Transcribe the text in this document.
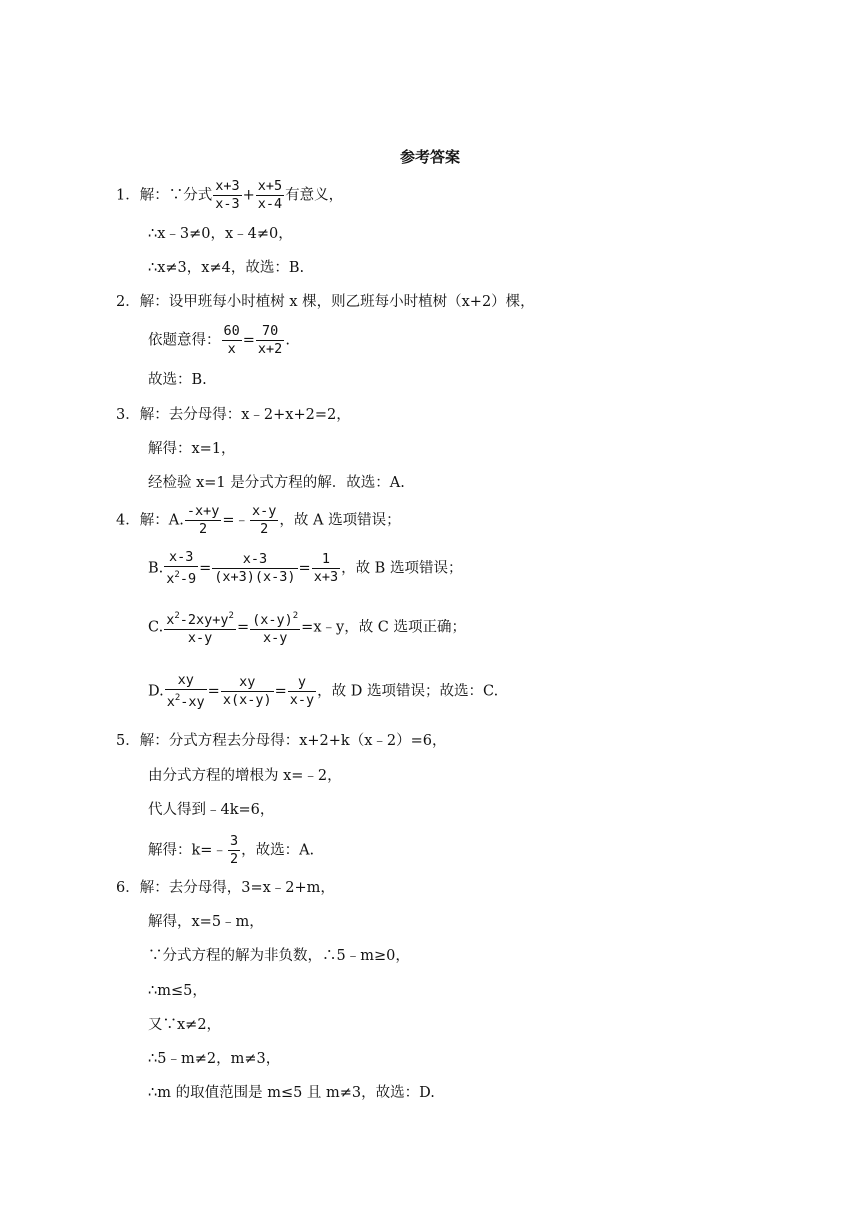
参考答案
1．解：∵分式 $\frac{x+3}{x-3} + \frac{x+5}{x-4}$ 有意义，
∴x﹣3≠0，x﹣4≠0，
∴x≠3，x≠4，故选：B.
2．解：设甲班每小时植树 x 棵，则乙班每小时植树（x+2）棵，
依题意得： $\frac{60}{x} = \frac{70}{x+2}$ .
故选：B.
3．解：去分母得：x﹣2+x+2=2，
解得：x=1，
经检验 x=1 是分式方程的解．故选：A.
4．解：A. $\frac{-x+y}{2}$ =﹣ $\frac{x-y}{2}$ ，故 A 选项错误；
B. $\frac{x-3}{x^2-9} = \frac{x-3}{(x+3)(x-3)} = \frac{1}{x+3}$ ，故 B 选项错误；
C. $\frac{x^2-2xy+y^2}{x-y} = \frac{(x-y)^2}{x-y}$ =x﹣y，故 C 选项正确；
D. $\frac{xy}{x^2-xy} = \frac{xy}{x(x-y)} = \frac{y}{x-y}$ ，故 D 选项错误；故选：C.
5．解：分式方程去分母得：x+2+k（x﹣2）=6，
由分式方程的增根为 x=﹣2，
代人得到﹣4k=6，
解得：k=﹣ $\frac{3}{2}$ ，故选：A.
6．解：去分母得，3=x﹣2+m，
解得，x=5﹣m，
∵分式方程的解为非负数，∴5﹣m≥0，
∴m≤5，
又∵x≠2，
∴5﹣m≠2，m≠3，
∴m 的取值范围是 m≤5 且 m≠3，故选：D.
